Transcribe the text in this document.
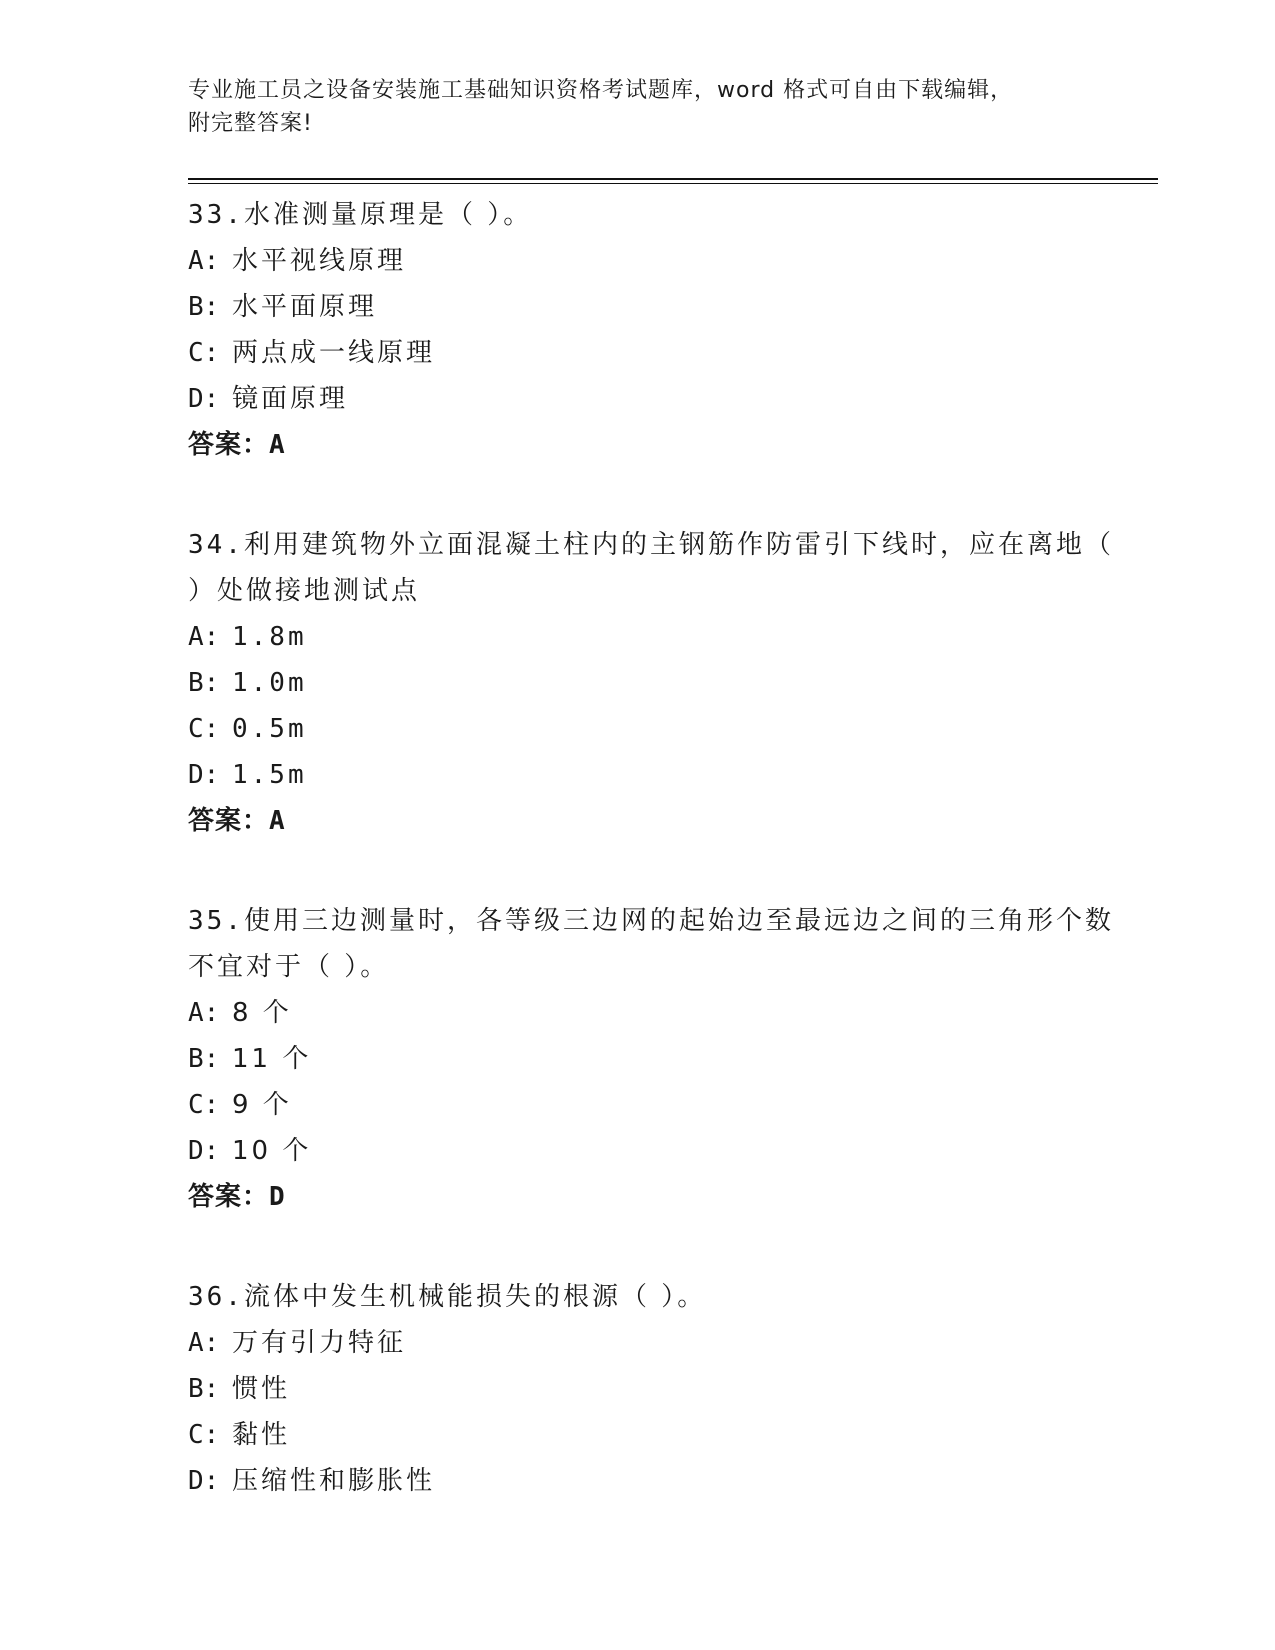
专业施工员之设备安装施工基础知识资格考试题库，word 格式可自由下载编辑，
附完整答案!
33.水准测量原理是（ ）。
A: 水平视线原理
B: 水平面原理
C: 两点成一线原理
D: 镜面原理
答案：A
34.利用建筑物外立面混凝土柱内的主钢筋作防雷引下线时，应在离地（ ）处做接地测试点
A: 1.8m
B: 1.0m
C: 0.5m
D: 1.5m
答案：A
35.使用三边测量时，各等级三边网的起始边至最远边之间的三角形个数不宜对于（ ）。
A: 8 个
B: 11 个
C: 9 个
D: 10 个
答案：D
36.流体中发生机械能损失的根源（ ）。
A: 万有引力特征
B: 惯性
C: 黏性
D: 压缩性和膨胀性
